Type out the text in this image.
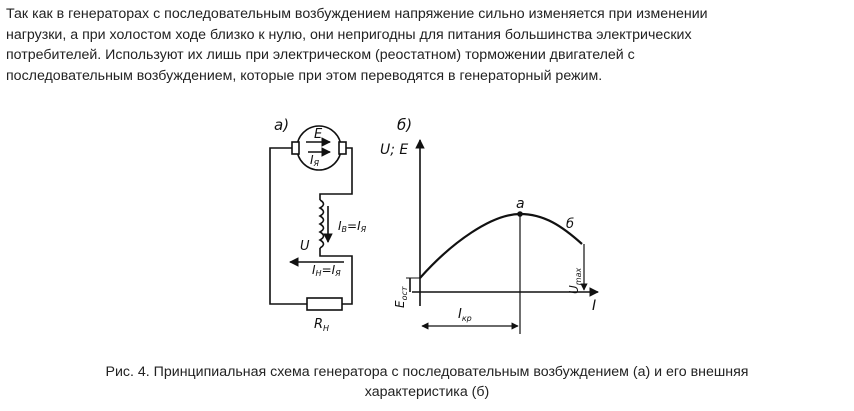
Так как в генераторах с последовательным возбуждением напряжение сильно изменяется при изменении
нагрузки, а при холостом ходе близко к нулю, они непригодны для питания большинства электрических
потребителей. Используют их лишь при электрическом (реостатном) торможении двигателей с
последовательным возбуждением, которые при этом переводятся в генераторный режим.

а)
E
IЯ
IВ=IЯ
U
IН=IЯ
$R_Н$
б)
U; E
I
а
б
$E_{ост}$	$U_{max}$
$I_{кр}$

Рис. 4. Принципиальная схема генератора с последовательным возбуждением (а) и его внешняя

характеристика (б)
